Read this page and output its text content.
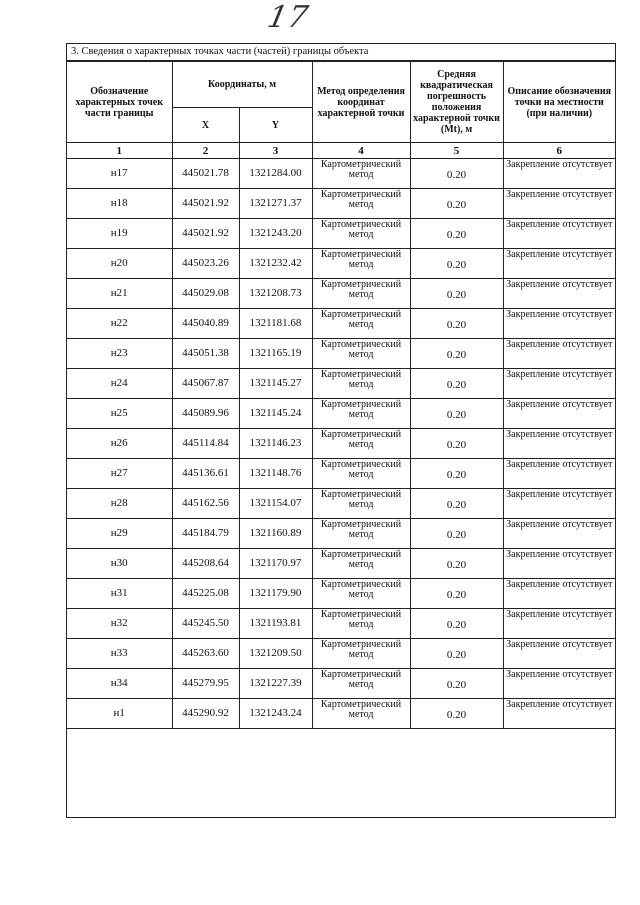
17
3. Сведения о характерных точках части (частей) границы объекта
Обозначение характерных точек части границы	Координаты, м		Метод определения координат характерной точки	Средняя квадратическая погрешность положения характерной точки (Mt), м	Описание обозначения точки на местности (при наличии)
	X	Y			
1	2	3	4	5	6
н17	445021.78	1321284.00	Картометрический метод	0.20	Закрепление отсутствует
н18	445021.92	1321271.37	Картометрический метод	0.20	Закрепление отсутствует
н19	445021.92	1321243.20	Картометрический метод	0.20	Закрепление отсутствует
н20	445023.26	1321232.42	Картометрический метод	0.20	Закрепление отсутствует
н21	445029.08	1321208.73	Картометрический метод	0.20	Закрепление отсутствует
н22	445040.89	1321181.68	Картометрический метод	0.20	Закрепление отсутствует
н23	445051.38	1321165.19	Картометрический метод	0.20	Закрепление отсутствует
н24	445067.87	1321145.27	Картометрический метод	0.20	Закрепление отсутствует
н25	445089.96	1321145.24	Картометрический метод	0.20	Закрепление отсутствует
н26	445114.84	1321146.23	Картометрический метод	0.20	Закрепление отсутствует
н27	445136.61	1321148.76	Картометрический метод	0.20	Закрепление отсутствует
н28	445162.56	1321154.07	Картометрический метод	0.20	Закрепление отсутствует
н29	445184.79	1321160.89	Картометрический метод	0.20	Закрепление отсутствует
н30	445208.64	1321170.97	Картометрический метод	0.20	Закрепление отсутствует
н31	445225.08	1321179.90	Картометрический метод	0.20	Закрепление отсутствует
н32	445245.50	1321193.81	Картометрический метод	0.20	Закрепление отсутствует
н33	445263.60	1321209.50	Картометрический метод	0.20	Закрепление отсутствует
н34	445279.95	1321227.39	Картометрический метод	0.20	Закрепление отсутствует
н1	445290.92	1321243.24	Картометрический метод	0.20	Закрепление отсутствует
